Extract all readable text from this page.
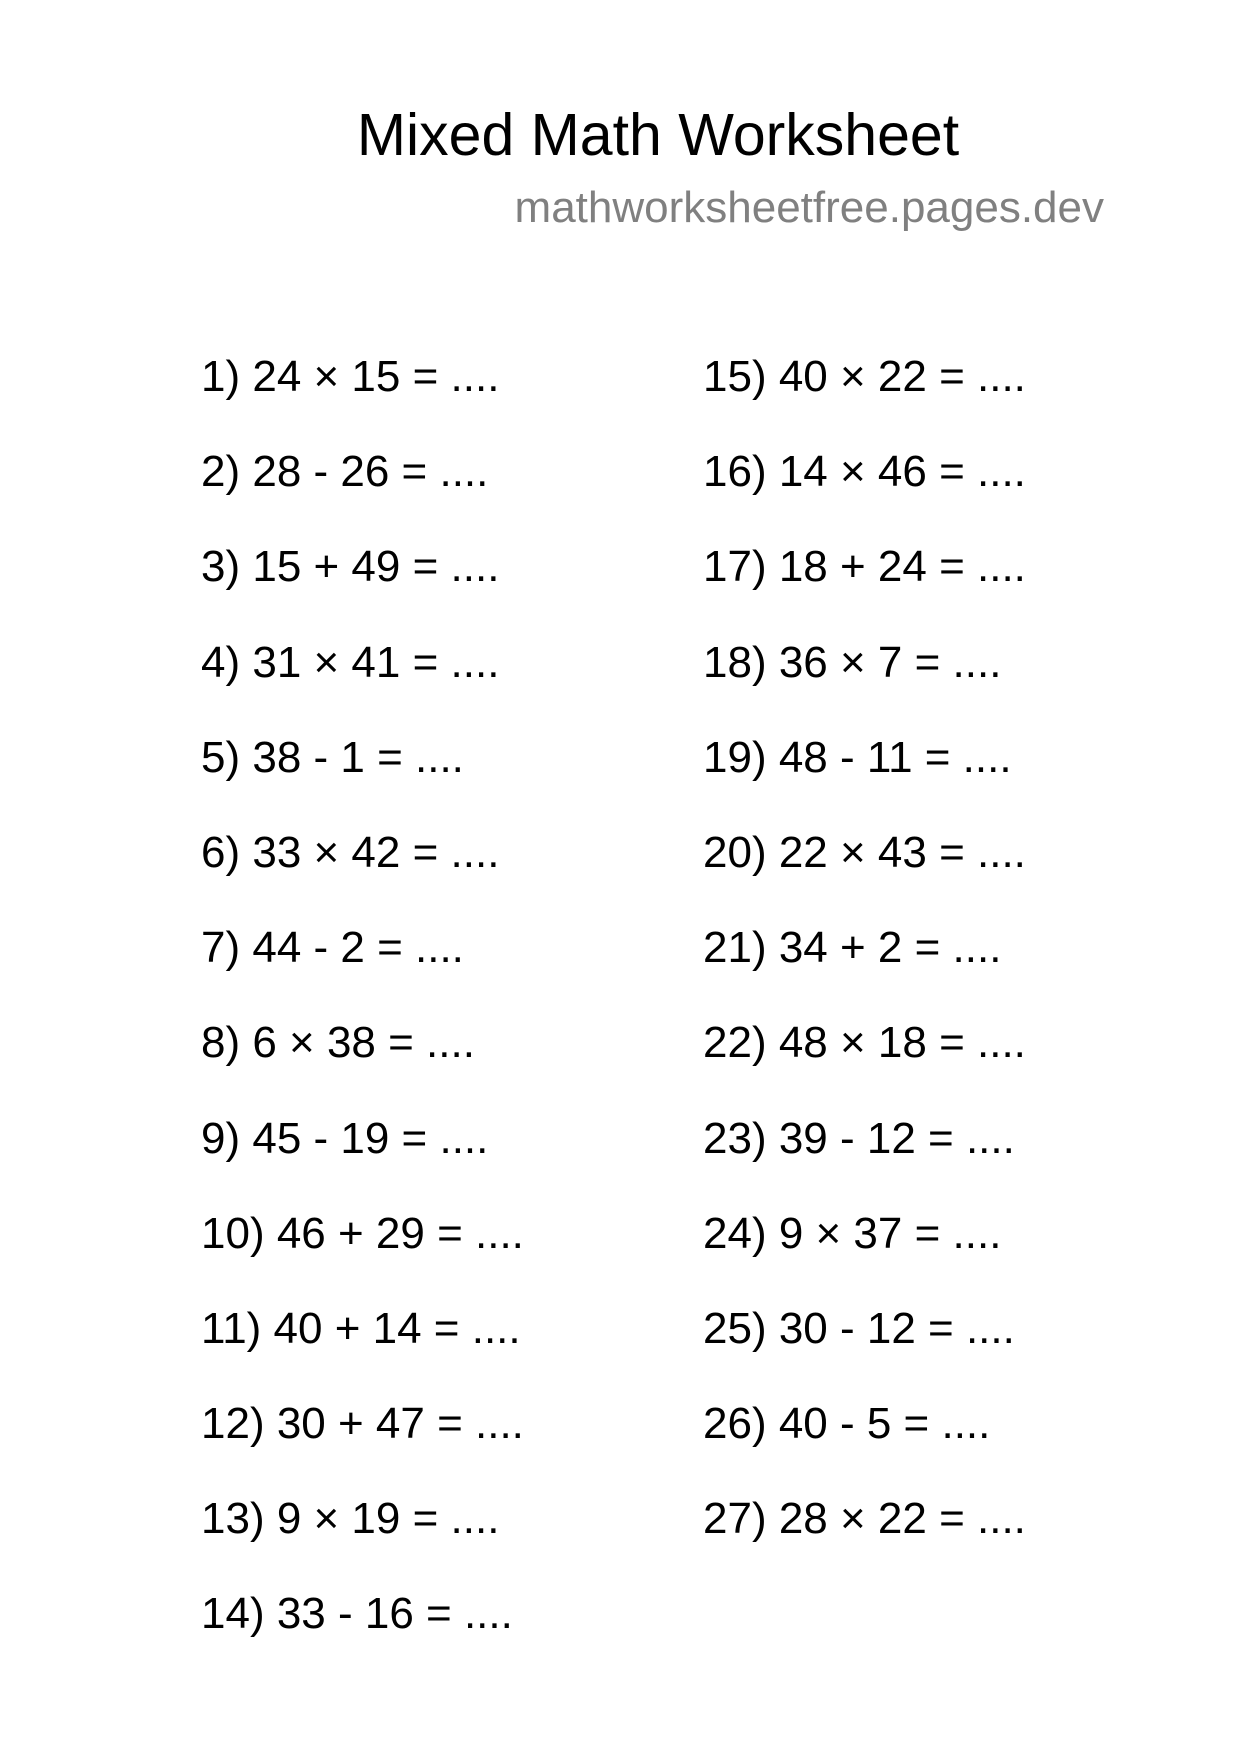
Mixed Math Worksheet
mathworksheetfree.pages.dev
1) 24 × 15 = ....
2) 28 - 26 = ....
3) 15 + 49 = ....
4) 31 × 41 = ....
5) 38 - 1 = ....
6) 33 × 42 = ....
7) 44 - 2 = ....
8) 6 × 38 = ....
9) 45 - 19 = ....
10) 46 + 29 = ....
11) 40 + 14 = ....
12) 30 + 47 = ....
13) 9 × 19 = ....
14) 33 - 16 = ....
15) 40 × 22 = ....
16) 14 × 46 = ....
17) 18 + 24 = ....
18) 36 × 7 = ....
19) 48 - 11 = ....
20) 22 × 43 = ....
21) 34 + 2 = ....
22) 48 × 18 = ....
23) 39 - 12 = ....
24) 9 × 37 = ....
25) 30 - 12 = ....
26) 40 - 5 = ....
27) 28 × 22 = ....
